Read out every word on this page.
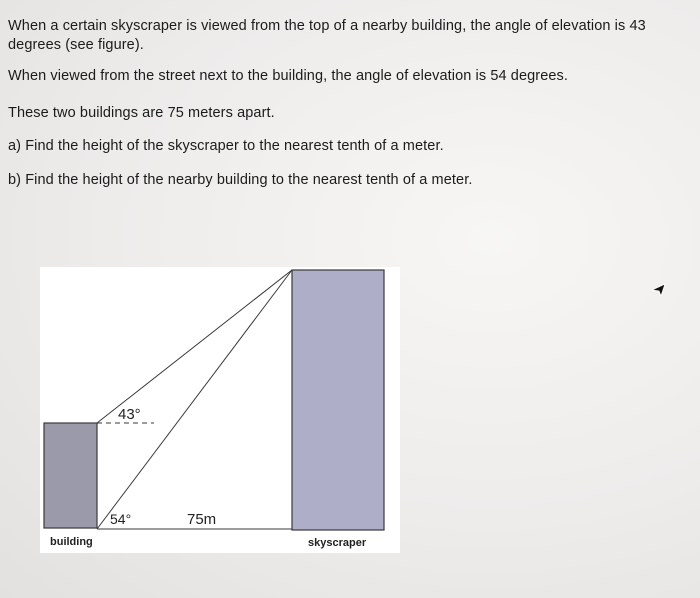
When a certain skyscraper is viewed from the top of a nearby building, the angle of elevation is 43
degrees (see figure).
When viewed from the street next to the building, the angle of elevation is 54 degrees.
These two buildings are 75 meters apart.
a) Find the height of the skyscraper to the nearest tenth of a meter.
b) Find the height of the nearby building to the nearest tenth of a meter.
43°
54°	75m
building	skyscraper
